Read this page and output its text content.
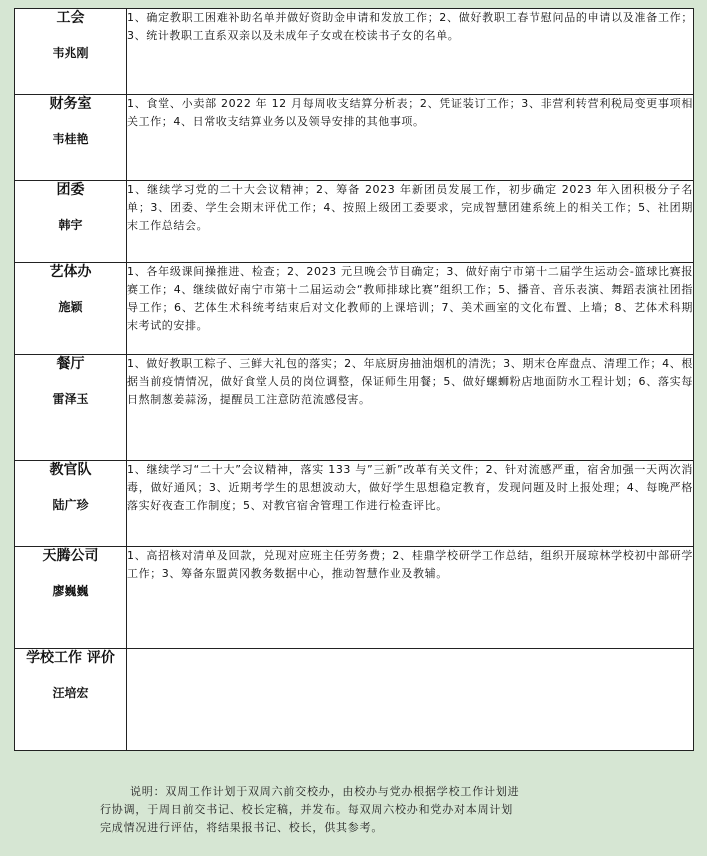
工会
韦兆刚	1、确定教职工困难补助名单并做好资助金申请和发放工作；2、做好教职工春节慰问品的申请以及准备工作；3、统计教职工直系双亲以及未成年子女或在校读书子女的名单。

财务室
韦桂艳	1、食堂、小卖部 2022 年 12 月每周收支结算分析表；2、凭证装订工作；3、非营利转营利税局变更事项相关工作；4、日常收支结算业务以及领导安排的其他事项。

团委
韩宇	1、继续学习党的二十大会议精神；2、筹备 2023 年新团员发展工作，初步确定 2023 年入团积极分子名单；3、团委、学生会期末评优工作；4、按照上级团工委要求，完成智慧团建系统上的相关工作；5、社团期末工作总结会。

艺体办
施颖	1、各年级课间操推进、检查；2、2023 元旦晚会节目确定；3、做好南宁市第十二届学生运动会-篮球比赛报赛工作；4、继续做好南宁市第十二届运动会“教师排球比赛”组织工作；5、播音、音乐表演、舞蹈表演社团指导工作；6、艺体生术科统考结束后对文化教师的上课培训；7、美术画室的文化布置、上墙；8、艺体术科期末考试的安排。

餐厅
雷泽玉	1、做好教职工粽子、三鲜大礼包的落实；2、年底厨房抽油烟机的清洗；3、期末仓库盘点、清理工作；4、根据当前疫情情况，做好食堂人员的岗位调整，保证师生用餐；5、做好螺蛳粉店地面防水工程计划；6、落实每日熬制葱姜蒜汤，提醒员工注意防范流感侵害。

教官队
陆广珍	1、继续学习“二十大”会议精神，落实 133 与”三新”改革有关文件；2、针对流感严重，宿舍加强一天两次消毒，做好通风；3、近期考学生的思想波动大，做好学生思想稳定教育，发现问题及时上报处理；4、每晚严格落实好夜查工作制度；5、对教官宿舍管理工作进行检查评比。

天腾公司
廖巍巍	1、高招核对清单及回款，兑现对应班主任劳务费；2、桂鼎学校研学工作总结，组织开展琼林学校初中部研学工作；3、筹备东盟黄冈教务数据中心，推动智慧作业及教辅。

学校工作 评价
汪培宏	

说明：双周工作计划于双周六前交校办，由校办与党办根据学校工作计划进
行协调，于周日前交书记、校长定稿，并发布。每双周六校办和党办对本周计划
完成情况进行评估，将结果报书记、校长，供其参考。
